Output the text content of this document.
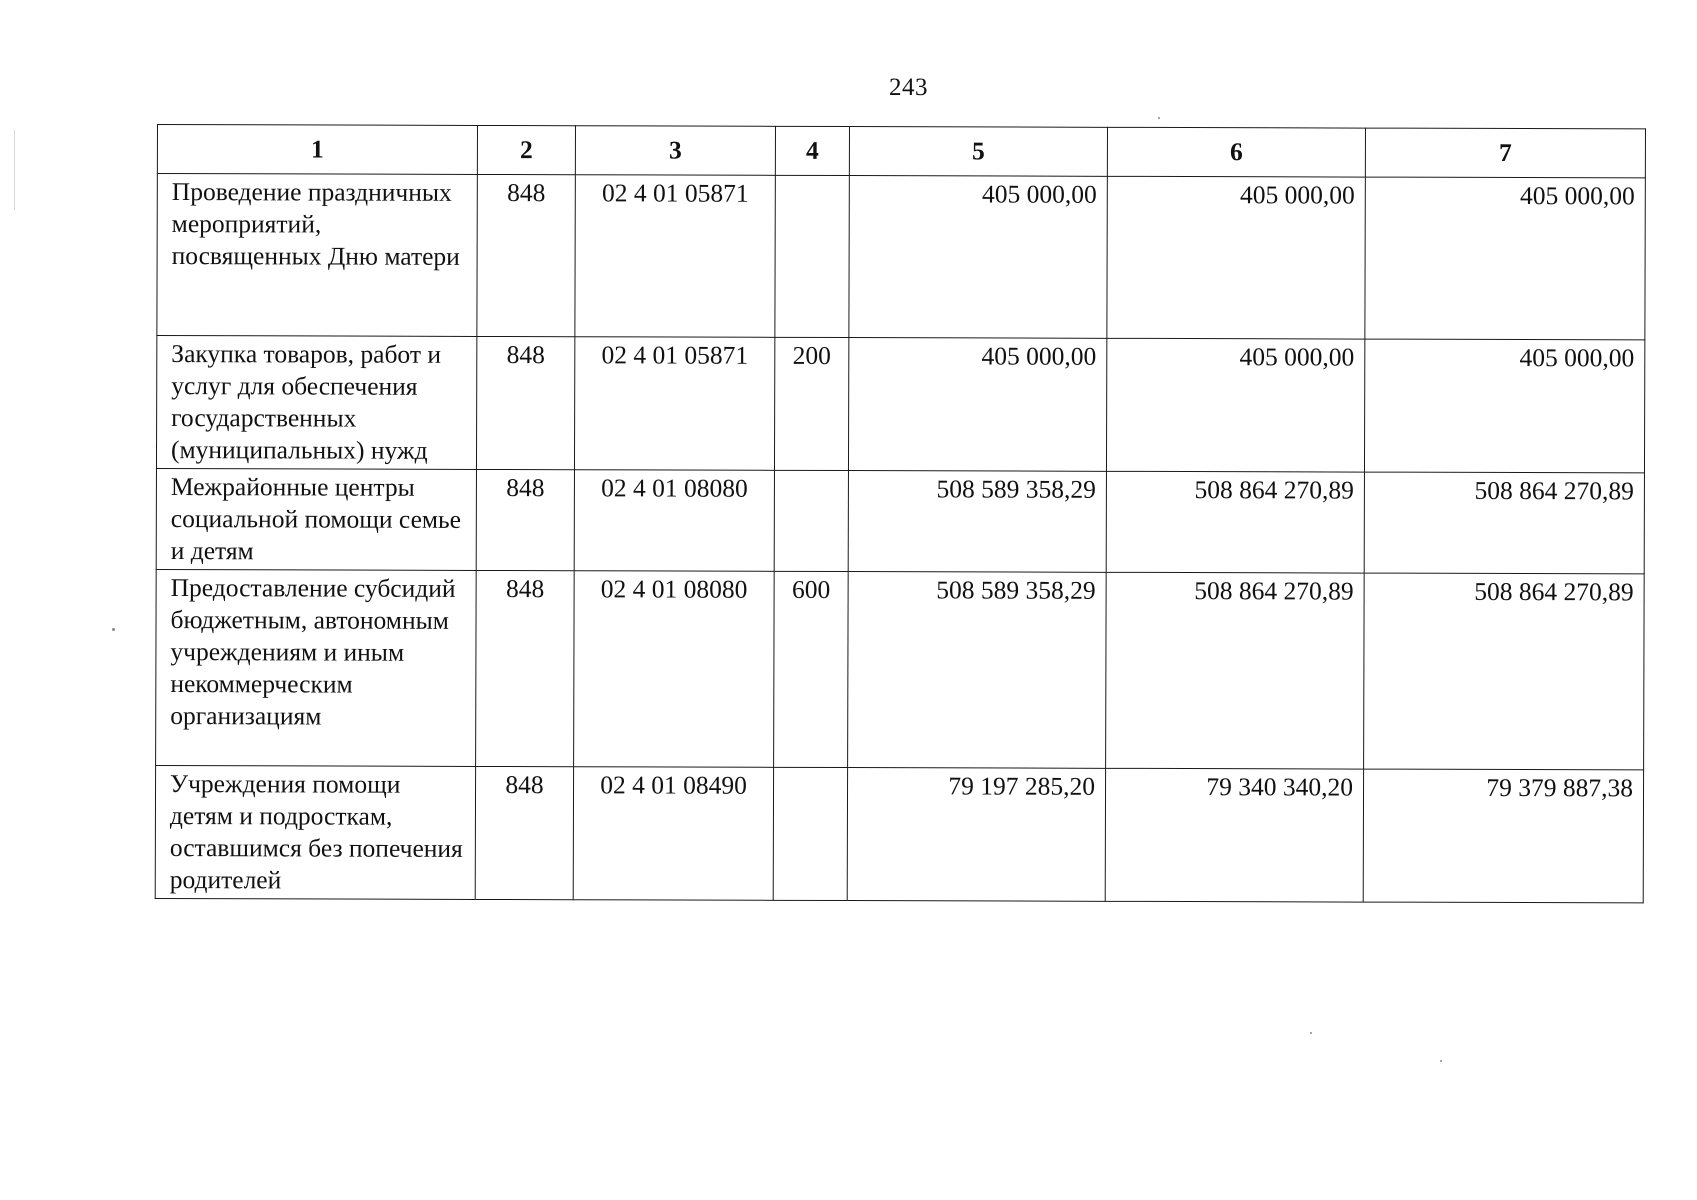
243
1	2	3	4	5	6	7
Проведение праздничных мероприятий, посвященных Дню матери	848	02 4 01 05871		405 000,00	405 000,00	405 000,00
Закупка товаров, работ и услуг для обеспечения государственных (муниципальных) нужд	848	02 4 01 05871	200	405 000,00	405 000,00	405 000,00
Межрайонные центры социальной помощи семье и детям	848	02 4 01 08080		508 589 358,29	508 864 270,89	508 864 270,89
Предоставление субсидий бюджетным, автономным учреждениям и иным некоммерческим организациям	848	02 4 01 08080	600	508 589 358,29	508 864 270,89	508 864 270,89
Учреждения помощи детям и подросткам, оставшимся без попечения родителей	848	02 4 01 08490		79 197 285,20	79 340 340,20	79 379 887,38
